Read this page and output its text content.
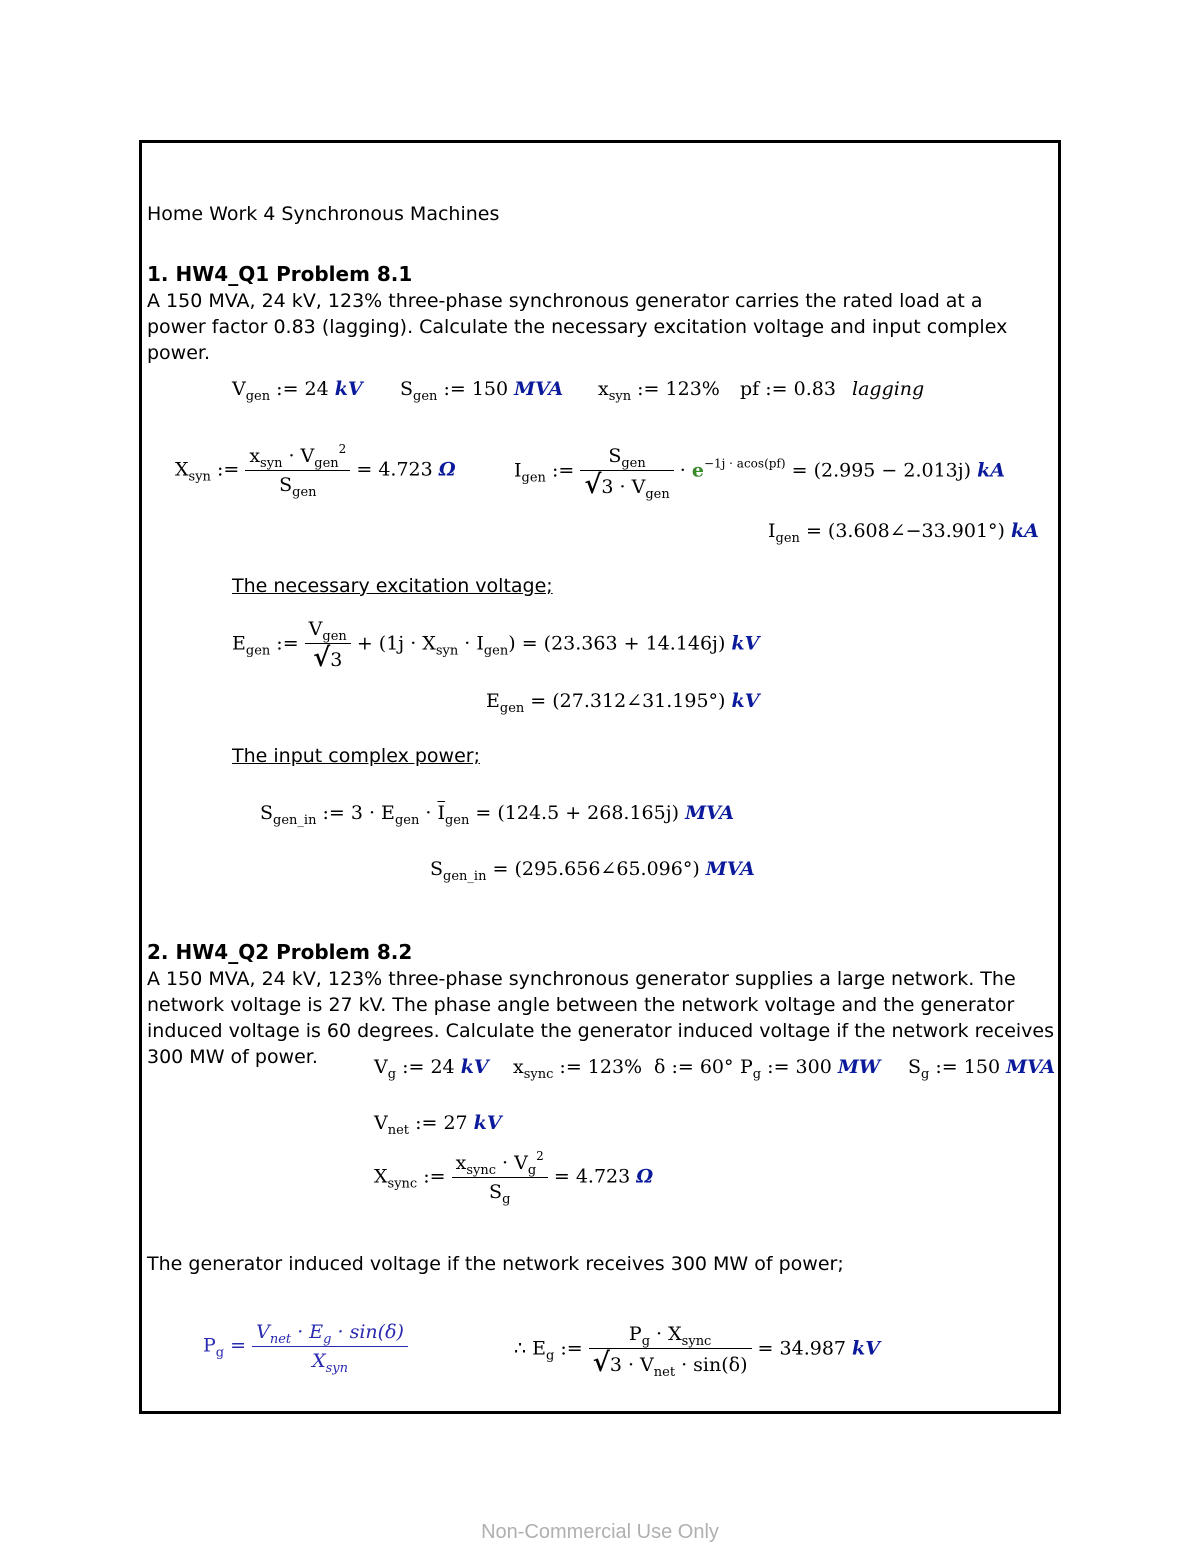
Home Work 4 Synchronous Machines
1. HW4_Q1 Problem 8.1
A 150 MVA, 24 kV, 123% three-phase synchronous generator carries the rated load at a
power factor 0.83 (lagging). Calculate the necessary excitation voltage and input complex
power.
$V_{gen}$ := 24 kV $S_{gen}$ := 150 MVA $x_{syn}$ := 123% pf := 0.83 lagging
$X_{syn}$ := $\frac{x_{syn} \cdot V_{gen}^2}{S_{gen}} = 4.723$ Ω	$I_{gen}$ := $\frac{S_{gen}}{√3 \cdot V_{gen}} \cdot e^{-1j \cdot acos(pf)} = (2.995 - 2.013j)$ kA
$I_{gen}$ = (3.608∠−33.901°) kA
The necessary excitation voltage;
$E_{gen}$ := $\frac{V_{gen}}{√3} + (1j \cdot X_{syn} \cdot I_{gen}) = (23.363 + 14.146j)$ kV
$E_{gen}$ = (27.312∠31.195°) kV
The input complex power;
$S_{gen\_in}$ := $3 \cdot E_{gen} \cdot \overline{I}_{gen} = (124.5 + 268.165j)$ MVA
$S_{gen\_in}$ = (295.656∠65.096°) MVA
2. HW4_Q2 Problem 8.2
A 150 MVA, 24 kV, 123% three-phase synchronous generator supplies a large network. The
network voltage is 27 kV. The phase angle between the network voltage and the generator
induced voltage is 60 degrees. Calculate the generator induced voltage if the network receives
300 MW of power.	$V_g$ := 24 kV $x_{sync}$ := 123% δ := 60° $P_g$ := 300 MW $S_g$ := 150 MVA
$V_{net}$ := 27 kV
$X_{sync}$ := $\frac{x_{sync} \cdot V_g^2}{S_g} = 4.723$ Ω
The generator induced voltage if the network receives 300 MW of power;
$P_g = \frac{V_{net} \cdot E_g \cdot \sin(\delta)}{X_{syn}}$	∴ $E_g$ := $\frac{P_g \cdot X_{sync}}{√3 \cdot V_{net} \cdot \sin(\delta)} = 34.987$ kV
Non-Commercial Use Only
